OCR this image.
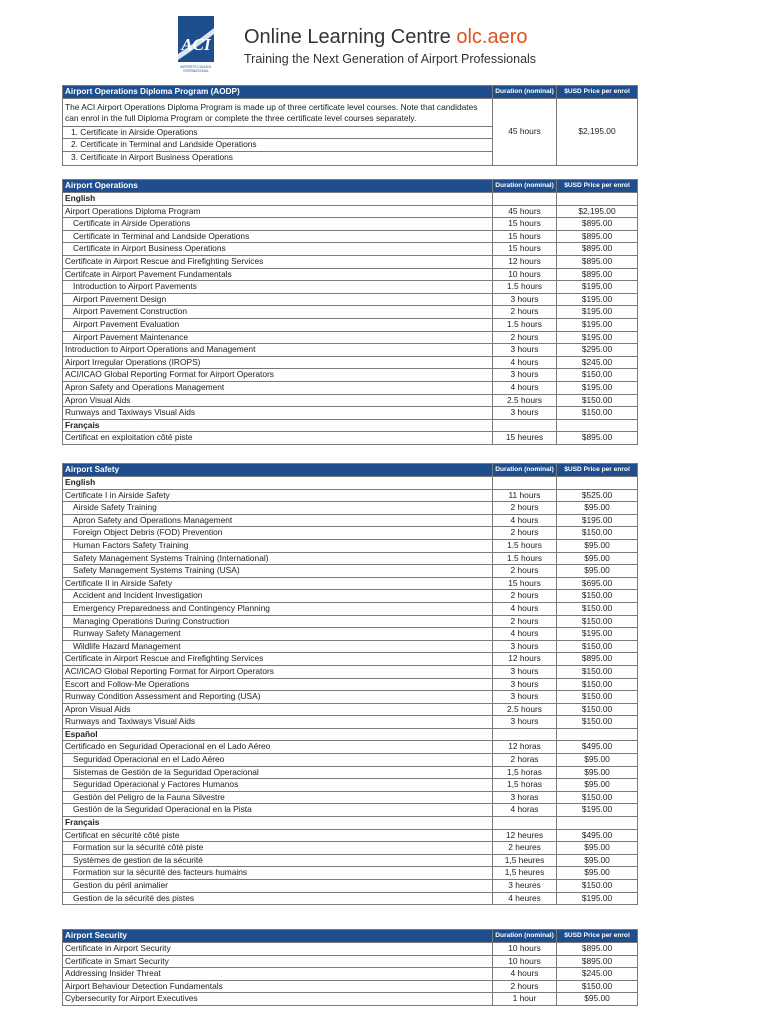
ACI
AIRPORTS COUNCIL
INTERNATIONAL
Online Learning Centre olc.aero
Training the Next Generation of Airport Professionals
Airport Operations Diploma Program (AODP)	Duration (nominal)	$USD Price per enrol

The ACI Airport Operations Diploma Program is made up of three certificate level courses. Note that candidates can enrol in the full Diploma Program or complete the three certificate level courses separately.
1. Certificate in Airside Operations
2. Certificate in Terminal and Landside Operations
3. Certificate in Airport Business Operations	45 hours	$2,195.00
Airport Operations	Duration (nominal)	$USD Price per enrol
English		
Airport Operations Diploma Program	45 hours	$2,195.00
Certificate in Airside Operations	15 hours	$895.00
Certificate in Terminal and Landside Operations	15 hours	$895.00
Certificate in Airport Business Operations	15 hours	$895.00
Certificate in Airport Rescue and Firefighting Services	12 hours	$895.00
Certifcate in Airport Pavement Fundamentals	10 hours	$895.00
Introduction to Airport Pavements	1.5 hours	$195.00
Airport Pavement Design	3 hours	$195.00
Airport Pavement Construction	2 hours	$195.00
Airport Pavement Evaluation	1.5 hours	$195.00
Airport Pavement Maintenance	2 hours	$195.00
Introduction to Airport Operations and Management	3 hours	$295.00
Airport Irregular Operations (IROPS)	4 hours	$245.00
ACI/ICAO Global Reporting Format for Airport Operators	3 hours	$150.00
Apron Safety and Operations Management	4 hours	$195.00
Apron Visual Aids	2.5 hours	$150.00
Runways and Taxiways Visual Aids	3 hours	$150.00
Français		
Certificat en exploitation côté piste	15 heures	$895.00
Airport Safety	Duration (nominal)	$USD Price per enrol
English		
Certificate I in Airside Safety	11 hours	$525.00
Airside Safety Training	2 hours	$95.00
Apron Safety and Operations Management	4 hours	$195.00
Foreign Object Debris (FOD) Prevention	2 hours	$150.00
Human Factors Safety Training	1.5 hours	$95.00
Safety Management Systems Training (International)	1.5 hours	$95.00
Safety Management Systems Training (USA)	2 hours	$95.00
Certificate II in Airside Safety	15 hours	$695.00
Accident and Incident Investigation	2 hours	$150.00
Emergency Preparedness and Contingency Planning	4 hours	$150.00
Managing Operations During Construction	2 hours	$150.00
Runway Safety Management	4 hours	$195.00
Wildlife Hazard Management	3 hours	$150.00
Certificate in Airport Rescue and Firefighting Services	12 hours	$895.00
ACI/ICAO Global Reporting Format for Airport Operators	3 hours	$150.00
Escort and Follow-Me Operations	3 hours	$150.00
Runway Condition Assessment and Reporting (USA)	3 hours	$150.00
Apron Visual Aids	2.5 hours	$150.00
Runways and Taxiways Visual Aids	3 hours	$150.00
Español		
Certificado en Seguridad Operacional en el Lado Aéreo	12 horas	$495.00
Seguridad Operacional en el Lado Aéreo	2 horas	$95.00
Sistemas de Gestión de la Seguridad Operacional	1,5 horas	$95.00
Seguridad Operacional y Factores Humanos	1,5 horas	$95.00
Gestión del Peligro de la Fauna Silvestre	3 horas	$150.00
Gestión de la Seguridad Operacional en la Pista	4 horas	$195.00
Français		
Certificat en sécurité côté piste	12 heures	$495.00
Formation sur la sécurité côté piste	2 heures	$95.00
Systèmes de gestion de la sécurité	1,5 heures	$95.00
Formation sur la sécurité des facteurs humains	1,5 heures	$95.00
Gestion du péril animalier	3 heures	$150.00
Gestion de la sécurité des pistes	4 heures	$195.00
Airport Security	Duration (nominal)	$USD Price per enrol
Certificate in Airport Security	10 hours	$895.00
Certificate in Smart Security	10 hours	$895.00
Addressing Insider Threat	4 hours	$245.00
Airport Behaviour Detection Fundamentals	2 hours	$150.00
Cybersecurity for Airport Executives	1 hour	$95.00
